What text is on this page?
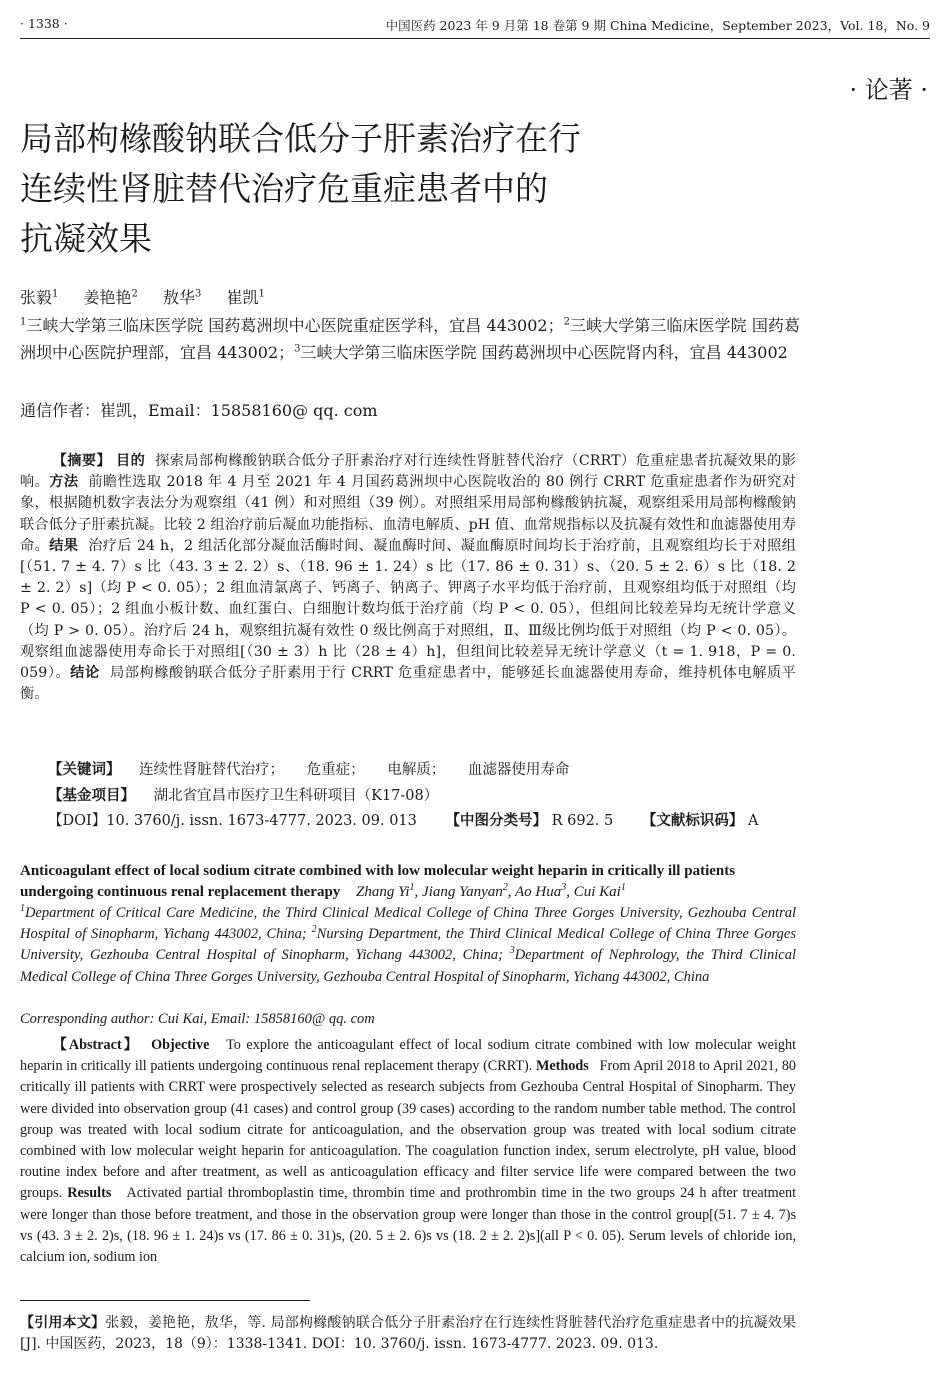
· 1338 ·	中国医药 2023 年 9 月第 18 卷第 9 期 China Medicine，September 2023，Vol. 18，No. 9
· 论著 ·
局部枸橼酸钠联合低分子肝素治疗在行
连续性肾脏替代治疗危重症患者中的
抗凝效果
张毅$^1$ 姜艳艳$^2$ 敖华$^3$ 崔凯$^1$
$^1$三峡大学第三临床医学院 国药葛洲坝中心医院重症医学科，宜昌 443002；$^2$三峡大学第三临床医学院 国药葛洲坝中心医院护理部，宜昌 443002；$^3$三峡大学第三临床医学院 国药葛洲坝中心医院肾内科，宜昌 443002
通信作者：崔凯，Email：15858160@ qq. com
【摘要】 目的 探索局部枸橼酸钠联合低分子肝素治疗对行连续性肾脏替代治疗（CRRT）危重症患者抗凝效果的影响。方法 前瞻性选取 2018 年 4 月至 2021 年 4 月国药葛洲坝中心医院收治的 80 例行 CRRT 危重症患者作为研究对象，根据随机数字表法分为观察组（41 例）和对照组（39 例）。对照组采用局部枸橼酸钠抗凝，观察组采用局部枸橼酸钠联合低分子肝素抗凝。比较 2 组治疗前后凝血功能指标、血清电解质、pH 值、血常规指标以及抗凝有效性和血滤器使用寿命。结果 治疗后 24 h，2 组活化部分凝血活酶时间、凝血酶时间、凝血酶原时间均长于治疗前，且观察组均长于对照组[（51. 7 ± 4. 7）s 比（43. 3 ± 2. 2）s、（18. 96 ± 1. 24）s 比（17. 86 ± 0. 31）s、（20. 5 ± 2. 6）s 比（18. 2 ± 2. 2）s]（均 P < 0. 05）；2 组血清氯离子、钙离子、钠离子、钾离子水平均低于治疗前，且观察组均低于对照组（均 P < 0. 05）；2 组血小板计数、血红蛋白、白细胞计数均低于治疗前（均 P < 0. 05），但组间比较差异均无统计学意义（均 P > 0. 05）。治疗后 24 h，观察组抗凝有效性 0 级比例高于对照组，Ⅱ、Ⅲ级比例均低于对照组（均 P < 0. 05）。观察组血滤器使用寿命长于对照组[（30 ± 3）h 比（28 ± 4）h]，但组间比较差异无统计学意义（t = 1. 918，P = 0. 059）。结论 局部枸橼酸钠联合低分子肝素用于行 CRRT 危重症患者中，能够延长血滤器使用寿命，维持机体电解质平衡。
【关键词】 连续性肾脏替代治疗； 危重症； 电解质； 血滤器使用寿命
【基金项目】 湖北省宜昌市医疗卫生科研项目（K17-08）
【DOI】10. 3760/j. issn. 1673-4777. 2023. 09. 013 【中图分类号】 R 692. 5 【文献标识码】 A
Anticoagulant effect of local sodium citrate combined with low molecular weight heparin in critically ill patients undergoing continuous renal replacement therapy Zhang Yi$^1$, Jiang Yanyan$^2$, Ao Hua$^3$, Cui Kai$^1$
$^1$Department of Critical Care Medicine, the Third Clinical Medical College of China Three Gorges University, Gezhouba Central Hospital of Sinopharm, Yichang 443002, China; $^2$Nursing Department, the Third Clinical Medical College of China Three Gorges University, Gezhouba Central Hospital of Sinopharm, Yichang 443002, China; $^3$Department of Nephrology, the Third Clinical Medical College of China Three Gorges University, Gezhouba Central Hospital of Sinopharm, Yichang 443002, China
Corresponding author: Cui Kai, Email: 15858160@ qq. com
【Abstract】 Objective To explore the anticoagulant effect of local sodium citrate combined with low molecular weight heparin in critically ill patients undergoing continuous renal replacement therapy (CRRT). Methods From April 2018 to April 2021, 80 critically ill patients with CRRT were prospectively selected as research subjects from Gezhouba Central Hospital of Sinopharm. They were divided into observation group (41 cases) and control group (39 cases) according to the random number table method. The control group was treated with local sodium citrate for anticoagulation, and the observation group was treated with local sodium citrate combined with low molecular weight heparin for anticoagulation. The coagulation function index, serum electrolyte, pH value, blood routine index before and after treatment, as well as anticoagulation efficacy and filter service life were compared between the two groups. Results Activated partial thromboplastin time, thrombin time and prothrombin time in the two groups 24 h after treatment were longer than those before treatment, and those in the observation group were longer than those in the control group[(51. 7 ± 4. 7)s vs (43. 3 ± 2. 2)s, (18. 96 ± 1. 24)s vs (17. 86 ± 0. 31)s, (20. 5 ± 2. 6)s vs (18. 2 ± 2. 2)s](all P < 0. 05). Serum levels of chloride ion, calcium ion, sodium ion
【引用本文】张毅，姜艳艳，敖华，等. 局部枸橼酸钠联合低分子肝素治疗在行连续性肾脏替代治疗危重症患者中的抗凝效果[J]. 中国医药，2023，18（9）：1338-1341. DOI：10. 3760/j. issn. 1673-4777. 2023. 09. 013.
